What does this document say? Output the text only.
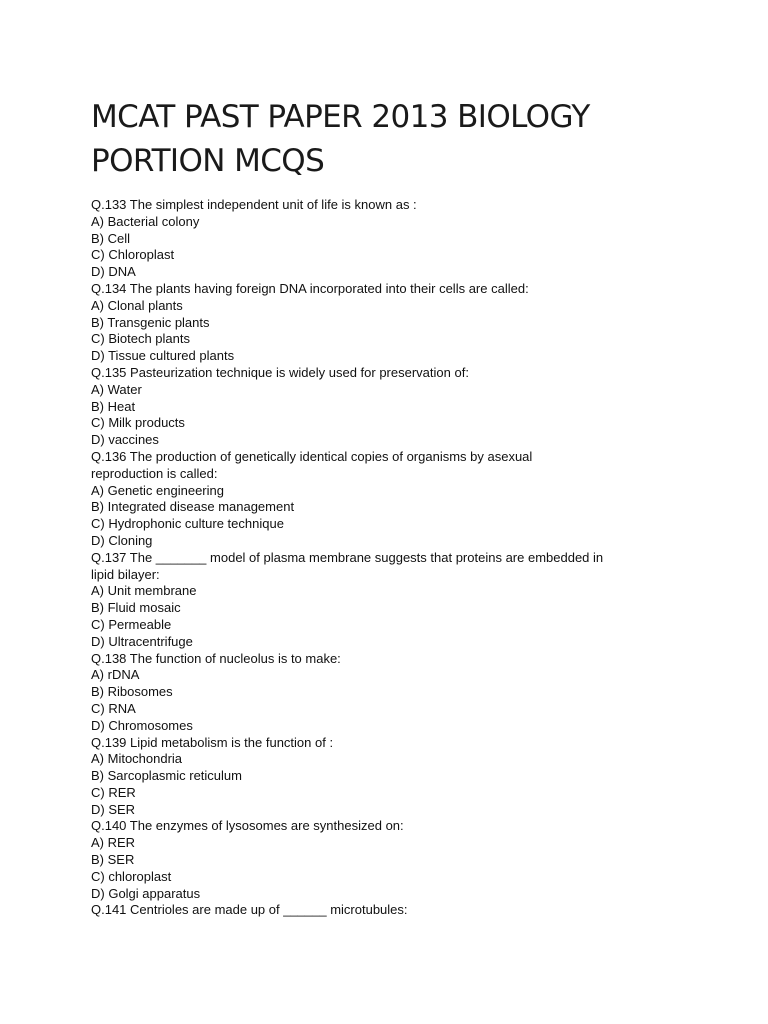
MCAT PAST PAPER 2013 BIOLOGY PORTION MCQS
Q.133 The simplest independent unit of life is known as :
A) Bacterial colony
B) Cell
C) Chloroplast
D) DNA
Q.134 The plants having foreign DNA incorporated into their cells are called:
A) Clonal plants
B) Transgenic plants
C) Biotech plants
D) Tissue cultured plants
Q.135 Pasteurization technique is widely used for preservation of:
A) Water
B) Heat
C) Milk products
D) vaccines
Q.136 The production of genetically identical copies of organisms by asexual
reproduction is called:
A) Genetic engineering
B) Integrated disease management
C) Hydrophonic culture technique
D) Cloning
Q.137 The _______ model of plasma membrane suggests that proteins are embedded in
lipid bilayer:
A) Unit membrane
B) Fluid mosaic
C) Permeable
D) Ultracentrifuge
Q.138 The function of nucleolus is to make:
A) rDNA
B) Ribosomes
C) RNA
D) Chromosomes
Q.139 Lipid metabolism is the function of :
A) Mitochondria
B) Sarcoplasmic reticulum
C) RER
D) SER
Q.140 The enzymes of lysosomes are synthesized on:
A) RER
B) SER
C) chloroplast
D) Golgi apparatus
Q.141 Centrioles are made up of ______ microtubules:
